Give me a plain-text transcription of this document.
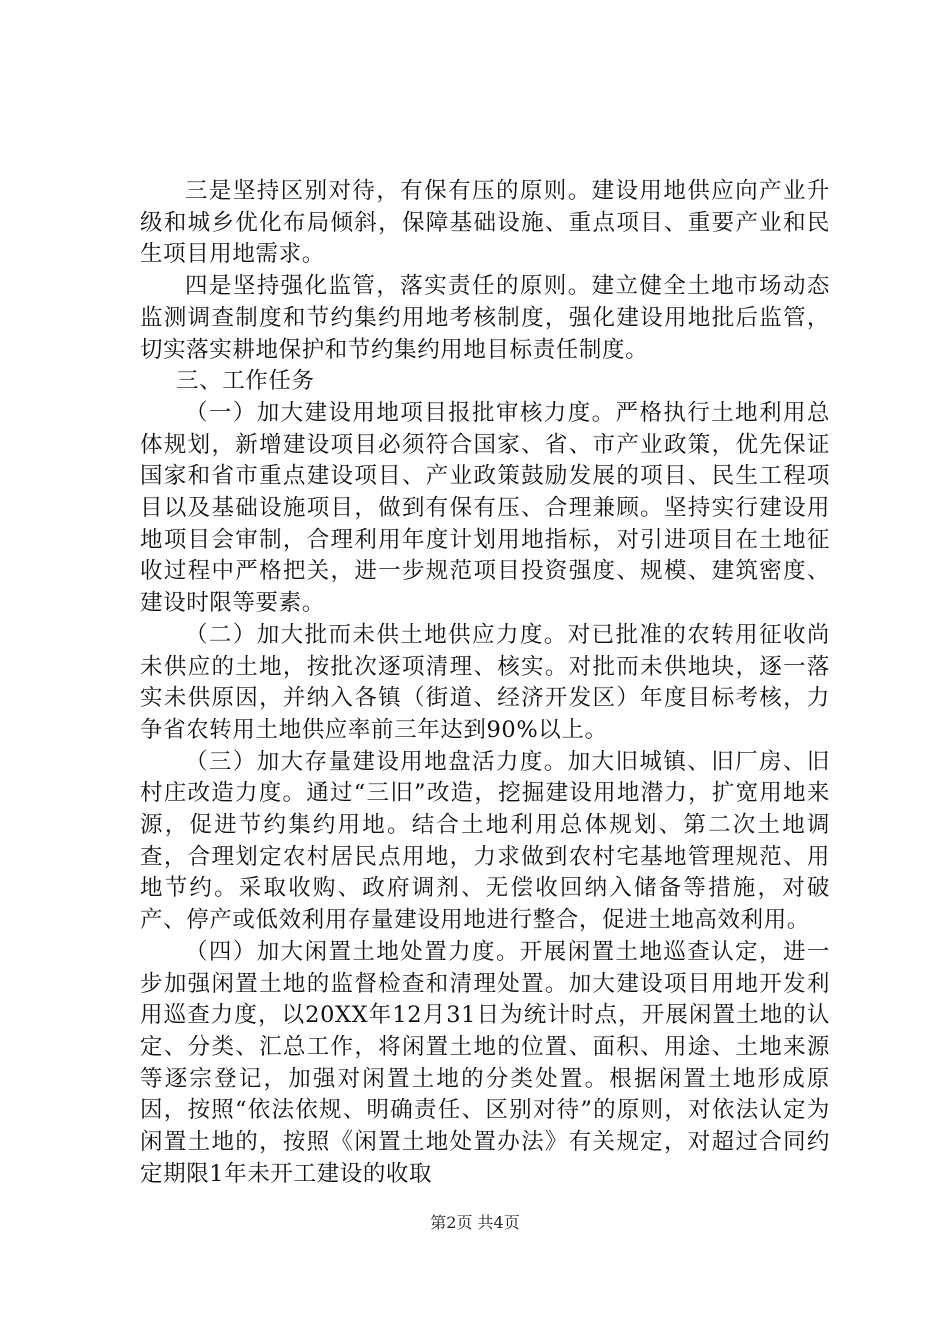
三是坚持区别对待，有保有压的原则。建设用地供应向产业升级和城乡优化布局倾斜，保障基础设施、重点项目、重要产业和民生项目用地需求。

四是坚持强化监管，落实责任的原则。建立健全土地市场动态监测调查制度和节约集约用地考核制度，强化建设用地批后监管，切实落实耕地保护和节约集约用地目标责任制度。

三、工作任务

（一）加大建设用地项目报批审核力度。严格执行土地利用总体规划，新增建设项目必须符合国家、省、市产业政策，优先保证国家和省市重点建设项目、产业政策鼓励发展的项目、民生工程项目以及基础设施项目，做到有保有压、合理兼顾。坚持实行建设用地项目会审制，合理利用年度计划用地指标，对引进项目在土地征收过程中严格把关，进一步规范项目投资强度、规模、建筑密度、建设时限等要素。

（二）加大批而未供土地供应力度。对已批准的农转用征收尚未供应的土地，按批次逐项清理、核实。对批而未供地块，逐一落实未供原因，并纳入各镇（街道、经济开发区）年度目标考核，力争省农转用土地供应率前三年达到90%以上。

（三）加大存量建设用地盘活力度。加大旧城镇、旧厂房、旧村庄改造力度。通过“三旧”改造，挖掘建设用地潜力，扩宽用地来源，促进节约集约用地。结合土地利用总体规划、第二次土地调查，合理划定农村居民点用地，力求做到农村宅基地管理规范、用地节约。采取收购、政府调剂、无偿收回纳入储备等措施，对破产、停产或低效利用存量建设用地进行整合，促进土地高效利用。

（四）加大闲置土地处置力度。开展闲置土地巡查认定，进一步加强闲置土地的监督检查和清理处置。加大建设项目用地开发利用巡查力度，以20XX年12月31日为统计时点，开展闲置土地的认定、分类、汇总工作，将闲置土地的位置、面积、用途、土地来源等逐宗登记，加强对闲置土地的分类处置。根据闲置土地形成原因，按照“依法依规、明确责任、区别对待”的原则，对依法认定为闲置土地的，按照《闲置土地处置办法》有关规定，对超过合同约定期限1年未开工建设的收取

第2页 共4页
